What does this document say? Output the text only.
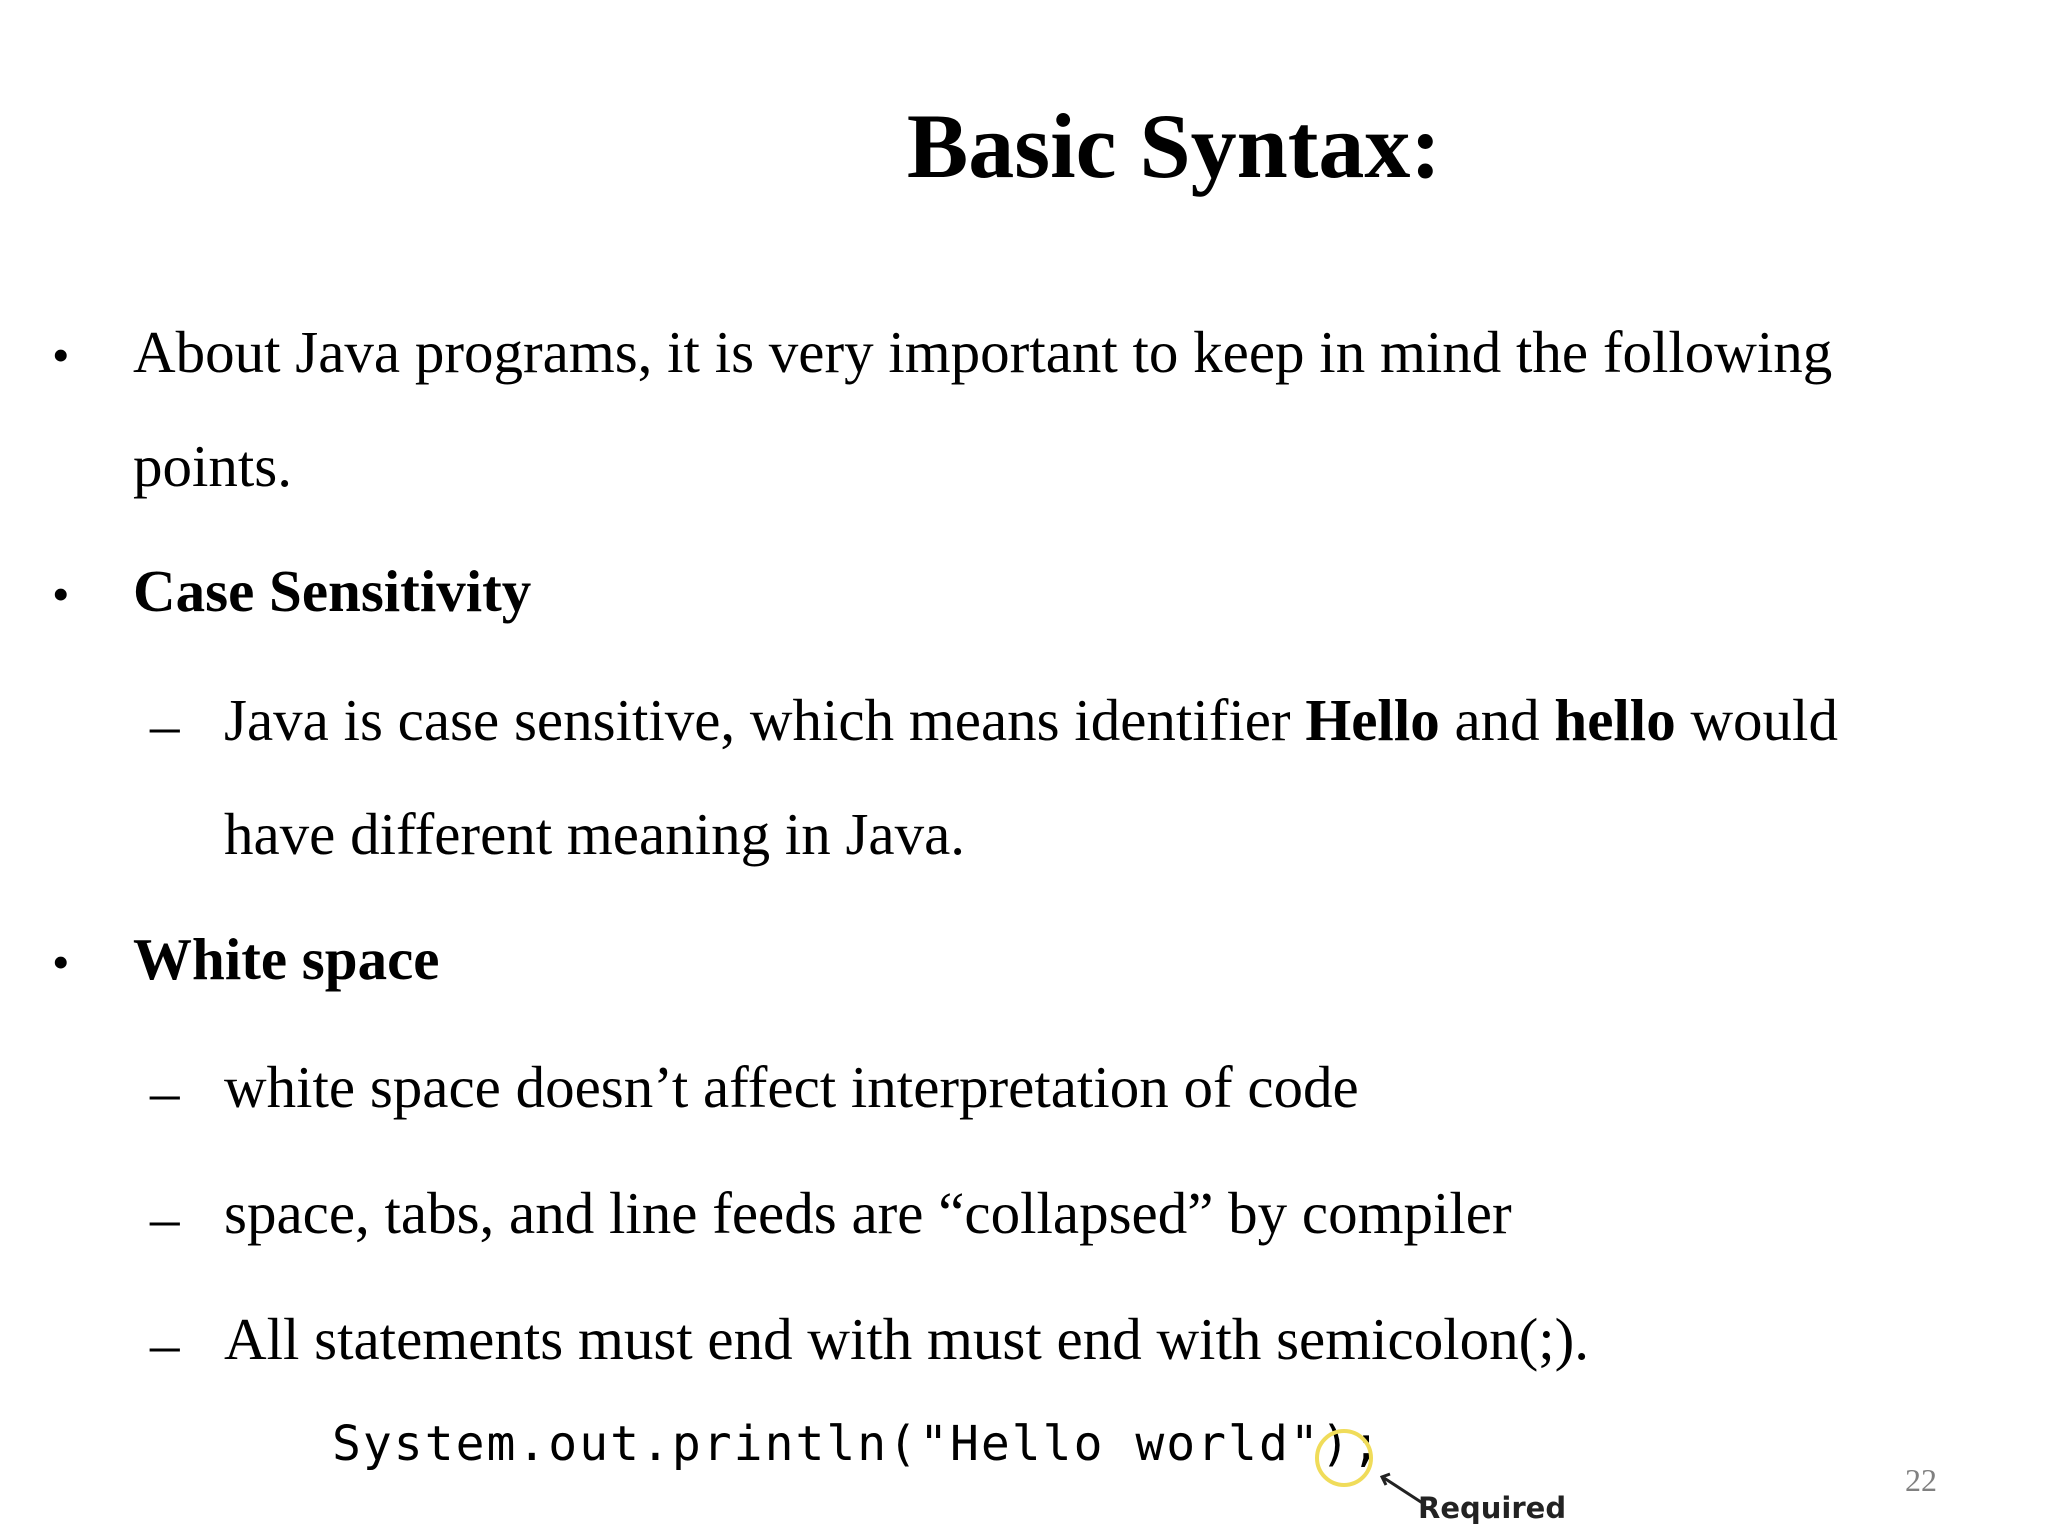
Basic Syntax:
• About Java programs, it is very important to keep in mind the following
points.
• Case Sensitivity
– Java is case sensitive, which means identifier Hello and hello would
have different meaning in Java.
• White space
– white space doesn’t affect interpretation of code
– space, tabs, and line feeds are “collapsed” by compiler
– All statements must end with must end with semicolon(;).
System.out.println("Hello world");
Required
22
